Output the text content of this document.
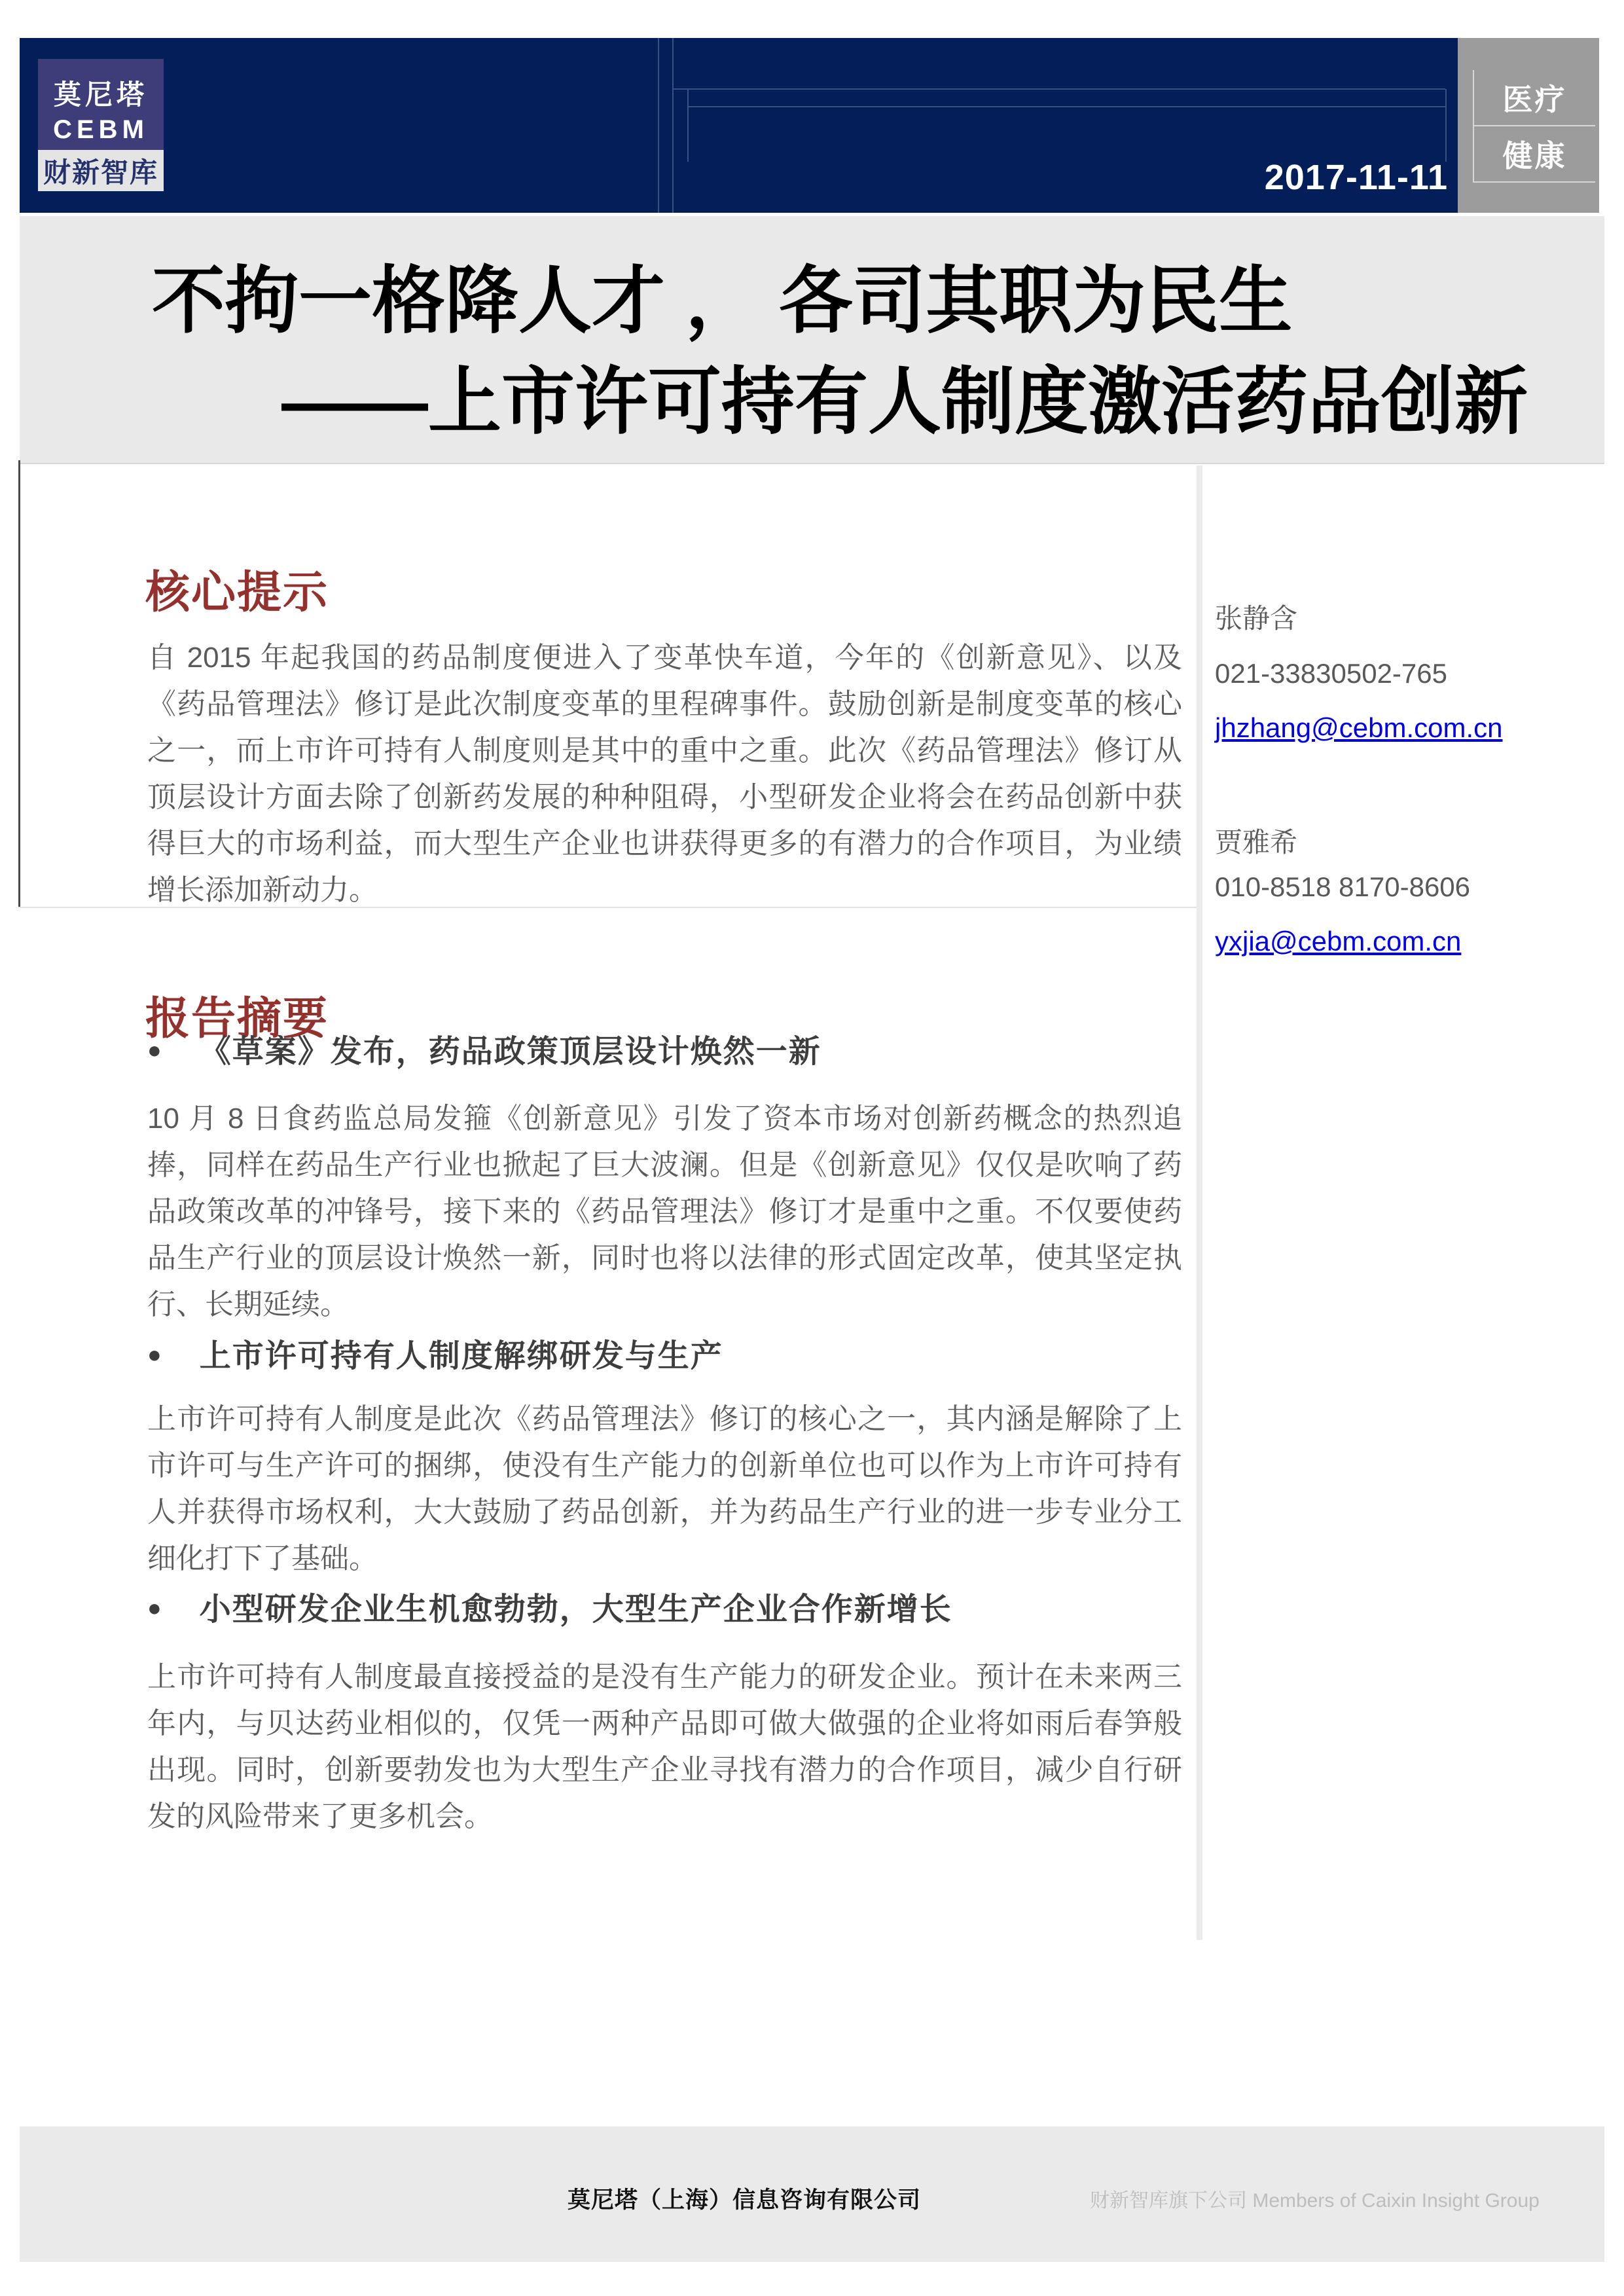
莫尼塔
CEBM
财新智库	2017-11-11
医疗
健康
不拘一格降人才 ， 各司其职为民生
——上市许可持有人制度激活药品创新
核心提示

自 2015 年起我国的药品制度便进入了变革快车道，今年的《创新意见》、以及《药品管理法》修订是此次制度变革的里程碑事件。鼓励创新是制度变革的核心之一，而上市许可持有人制度则是其中的重中之重。此次《药品管理法》修订从顶层设计方面去除了创新药发展的种种阻碍，小型研发企业将会在药品创新中获得巨大的市场利益，而大型生产企业也讲获得更多的有潜力的合作项目，为业绩增长添加新动力。

报告摘要
● 《草案》发布，药品政策顶层设计焕然一新

10 月 8 日食药监总局发箍《创新意见》引发了资本市场对创新药概念的热烈追捧，同样在药品生产行业也掀起了巨大波澜。但是《创新意见》仅仅是吹响了药品政策改革的冲锋号，接下来的《药品管理法》修订才是重中之重。不仅要使药品生产行业的顶层设计焕然一新，同时也将以法律的形式固定改革，使其坚定执行、长期延续。

● 上市许可持有人制度解绑研发与生产

上市许可持有人制度是此次《药品管理法》修订的核心之一，其内涵是解除了上市许可与生产许可的捆绑，使没有生产能力的创新单位也可以作为上市许可持有人并获得市场权利，大大鼓励了药品创新，并为药品生产行业的进一步专业分工细化打下了基础。

● 小型研发企业生机愈勃勃，大型生产企业合作新增长

上市许可持有人制度最直接授益的是没有生产能力的研发企业。预计在未来两三年内，与贝达药业相似的，仅凭一两种产品即可做大做强的企业将如雨后春笋般出现。同时，创新要勃发也为大型生产企业寻找有潜力的合作项目，减少自行研发的风险带来了更多机会。

张静含
021-33830502-765
jhzhang@cebm.com.cn
贾雅希
010-8518 8170-8606
yxjia@cebm.com.cn
莫尼塔（上海）信息咨询有限公司	财新智库旗下公司 Members of Caixin Insight Group
